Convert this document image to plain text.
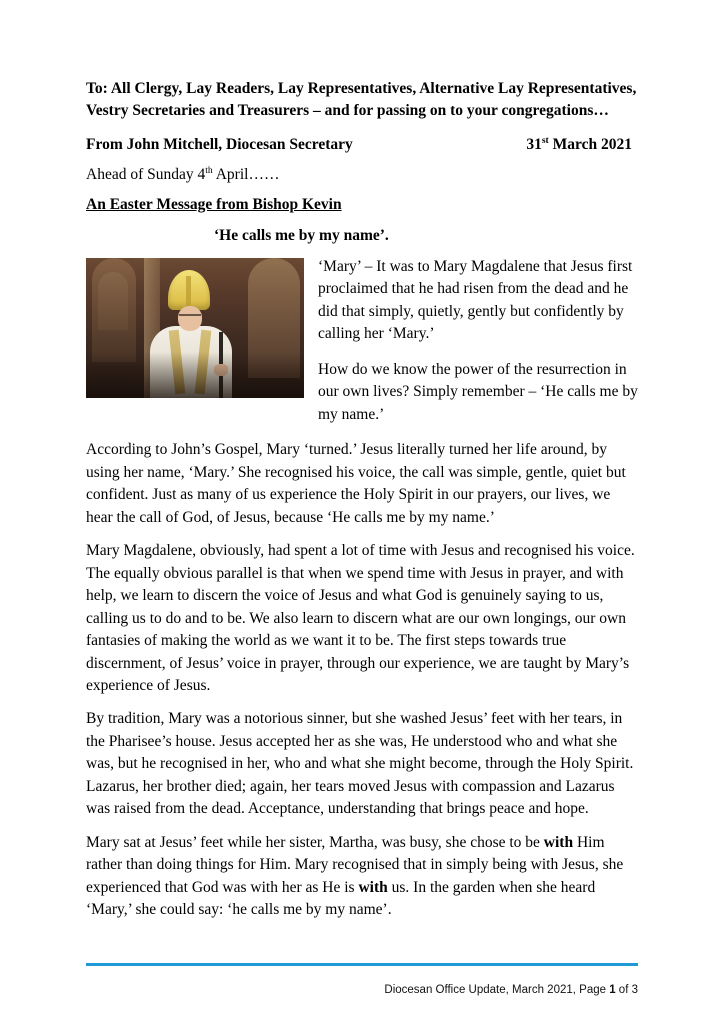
To: All Clergy, Lay Readers, Lay Representatives, Alternative Lay Representatives, Vestry Secretaries and Treasurers – and for passing on to your congregations…

From John Mitchell, Diocesan Secretary	31st March 2021

Ahead of Sunday 4th April……

An Easter Message from Bishop Kevin

‘He calls me by my name’.

‘Mary’ – It was to Mary Magdalene that Jesus first proclaimed that he had risen from the dead and he did that simply, quietly, gently but confidently by calling her ‘Mary.’

How do we know the power of the resurrection in our own lives? Simply remember – ‘He calls me by my name.’

According to John’s Gospel, Mary ‘turned.’ Jesus literally turned her life around, by using her name, ‘Mary.’ She recognised his voice, the call was simple, gentle, quiet but confident. Just as many of us experience the Holy Spirit in our prayers, our lives, we hear the call of God, of Jesus, because ‘He calls me by my name.’

Mary Magdalene, obviously, had spent a lot of time with Jesus and recognised his voice. The equally obvious parallel is that when we spend time with Jesus in prayer, and with help, we learn to discern the voice of Jesus and what God is genuinely saying to us, calling us to do and to be. We also learn to discern what are our own longings, our own fantasies of making the world as we want it to be. The first steps towards true discernment, of Jesus’ voice in prayer, through our experience, we are taught by Mary’s experience of Jesus.

By tradition, Mary was a notorious sinner, but she washed Jesus’ feet with her tears, in the Pharisee’s house. Jesus accepted her as she was, He understood who and what she was, but he recognised in her, who and what she might become, through the Holy Spirit. Lazarus, her brother died; again, her tears moved Jesus with compassion and Lazarus was raised from the dead. Acceptance, understanding that brings peace and hope.

Mary sat at Jesus’ feet while her sister, Martha, was busy, she chose to be with Him rather than doing things for Him. Mary recognised that in simply being with Jesus, she experienced that God was with her as He is with us. In the garden when she heard ‘Mary,’ she could say: ‘he calls me by my name’.

Diocesan Office Update, March 2021, Page 1 of 3
